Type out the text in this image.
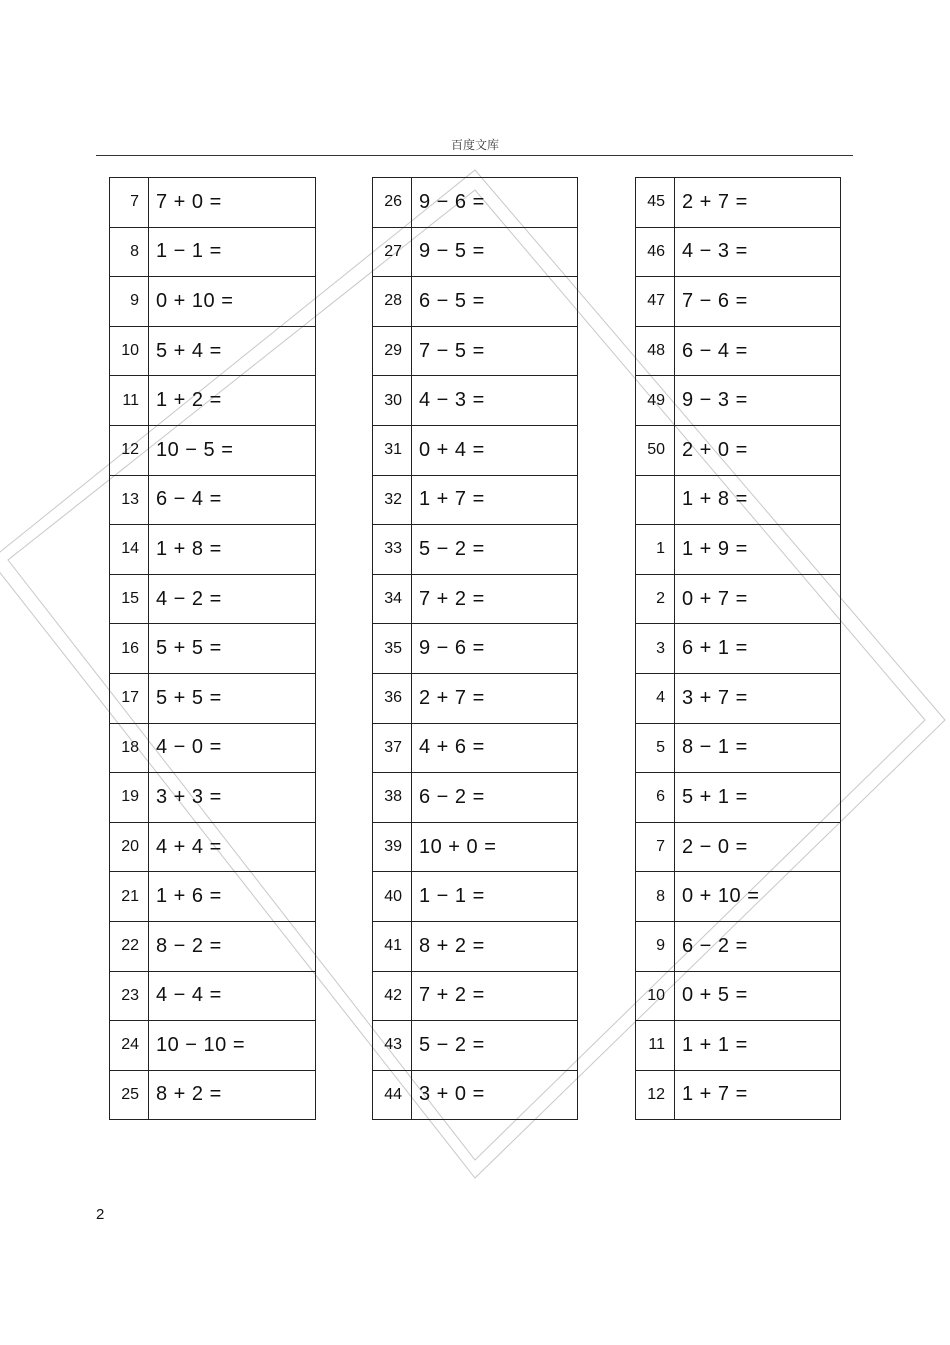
百度文库
7	7 + 0 =
8	1 − 1 =
9	0 + 10 =
10	5 + 4 =
11	1 + 2 =
12	10 − 5 =
13	6 − 4 =
14	1 + 8 =
15	4 − 2 =
16	5 + 5 =
17	5 + 5 =
18	4 − 0 =
19	3 + 3 =
20	4 + 4 =
21	1 + 6 =
22	8 − 2 =
23	4 − 4 =
24	10 − 10 =
25	8 + 2 =
26	9 − 6 =
27	9 − 5 =
28	6 − 5 =
29	7 − 5 =
30	4 − 3 =
31	0 + 4 =
32	1 + 7 =
33	5 − 2 =
34	7 + 2 =
35	9 − 6 =
36	2 + 7 =
37	4 + 6 =
38	6 − 2 =
39	10 + 0 =
40	1 − 1 =
41	8 + 2 =
42	7 + 2 =
43	5 − 2 =
44	3 + 0 =
45	2 + 7 =
46	4 − 3 =
47	7 − 6 =
48	6 − 4 =
49	9 − 3 =
50	2 + 0 =
	1 + 8 =
1	1 + 9 =
2	0 + 7 =
3	6 + 1 =
4	3 + 7 =
5	8 − 1 =
6	5 + 1 =
7	2 − 0 =
8	0 + 10 =
9	6 − 2 =
10	0 + 5 =
11	1 + 1 =
12	1 + 7 =
2
